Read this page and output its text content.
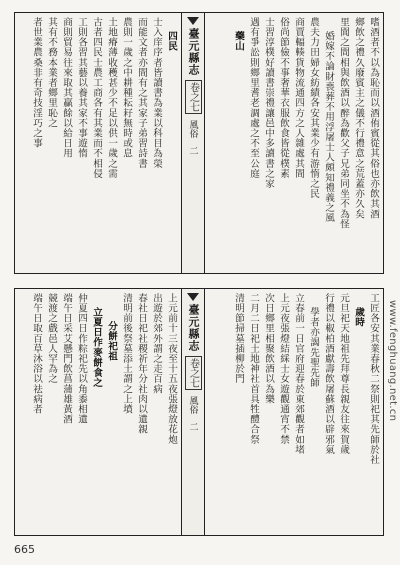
嗜酒者不以為恥而以酒侑賓從其俗也亦飲其酒
鄉飲之禮久廢賓主之儀不行禮意之荒蓋亦久矣
里閭之間相與飲酒以醉為歡父子兄弟同坐不為怪
婚嫁不論財喪葬不用浮屠士人頗知禮義之風
農夫力田婦女紡績各安其業少有游惰之民
商賈輻輳貨物流通四方之人雜處其間
俗尚節儉不事奢華衣服飲食皆從樸素
士習淳樸好讀書崇禮讓邑中多讀書之家
遇有爭訟則鄉里耆老調處之不至公庭
藥山
臺元縣志
卷之七
風俗
二
四民
士入庠序者皆讀書為業以科目為榮
而能文者亦間有之其家子弟習詩書
農則一歲之中耕種耘耔無時或息
土地瘠薄收穫甚少不足以供一歲之需
古者四民士農工商各有其業而不相侵
工則各習其藝以養其家不事遊惰
商則貿易往來取其贏餘以給日用
其有不務本業者鄉里恥之
者世業農桑非有奇技淫巧之事
工匠各安其業春秋二祭則祀其先師於社
歲時
元旦祀天地祖先拜尊長親友往來賀歲
行禮以椒柏酒獻壽飲屠蘇酒以辟邪氣
學者亦謁先聖先師
立春前一日官府迎春於東郊觀者如堵
上元夜張燈結綵士女遊觀通宵不禁
次日鄉里相聚飲酒以為樂
二月二日祀土地神社首具牲醴合祭
清明節掃墓插柳於門
臺元縣志
卷之七
風俗
二
上元前十三夜至十五夜張燈放花炮
出遊於郊外謂之走百病
春社日祀社稷祈年分社肉以遺親
清明前後祭墓添土謂之上墳
分餅祀祖
立夏日作麥餅食之
仲夏四日作粽祀先以角黍相遺
端午日采艾懸門飲菖蒲雄黃酒
競渡之戲邑人罕為之
端午日取百草沐浴以祛病者	www.fenghuang.net.cn
665
